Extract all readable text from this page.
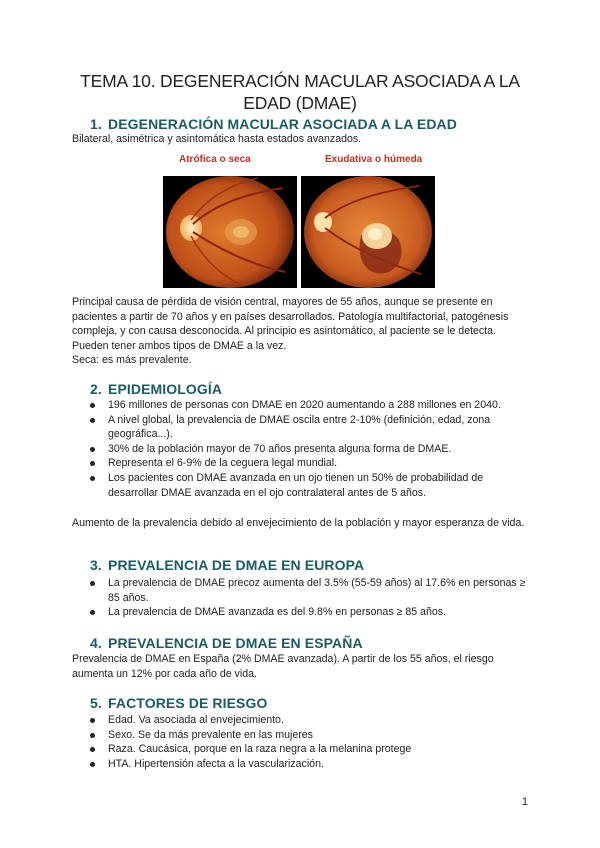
TEMA 10. DEGENERACIÓN MACULAR ASOCIADA A LA EDAD (DMAE)
1. DEGENERACIÓN MACULAR ASOCIADA A LA EDAD
Bilateral, asimétrica y asintomática hasta estados avanzados.
Atrófica o seca	Exudativa o húmeda
Principal causa de pérdida de visión central, mayores de 55 años, aunque se presente en pacientes a partir de 70 años y en países desarrollados. Patología multifactorial, patogénesis compleja, y con causa desconocida. Al principio es asintomático, al paciente se le detecta. Pueden tener ambos tipos de DMAE a la vez.
Seca: es más prevalente.
2. EPIDEMIOLOGÍA
196 millones de personas con DMAE en 2020 aumentando a 288 millones en 2040.
A nivel global, la prevalencia de DMAE oscila entre 2-10% (definición, edad, zona geográfica...).
30% de la población mayor de 70 años presenta alguna forma de DMAE.
Representa el 6-9% de la ceguera legal mundial.
Los pacientes con DMAE avanzada en un ojo tienen un 50% de probabilidad de desarrollar DMAE avanzada en el ojo contralateral antes de 5 años.
Aumento de la prevalencia debido al envejecimiento de la población y mayor esperanza de vida.
3. PREVALENCIA DE DMAE EN EUROPA
La prevalencia de DMAE precoz aumenta del 3.5% (55-59 años) al 17.6% en personas ≥ 85 años.
La prevalencia de DMAE avanzada es del 9.8% en personas ≥ 85 años.
4. PREVALENCIA DE DMAE EN ESPAÑA
Prevalencia de DMAE en España (2% DMAE avanzada). A partir de los 55 años, el riesgo aumenta un 12% por cada año de vida.
5. FACTORES DE RIESGO
Edad. Va asociada al envejecimiento.
Sexo. Se da más prevalente en las mujeres
Raza. Caucásica, porque en la raza negra a la melanina protege
HTA. Hipertensión afecta a la vascularización.
1
